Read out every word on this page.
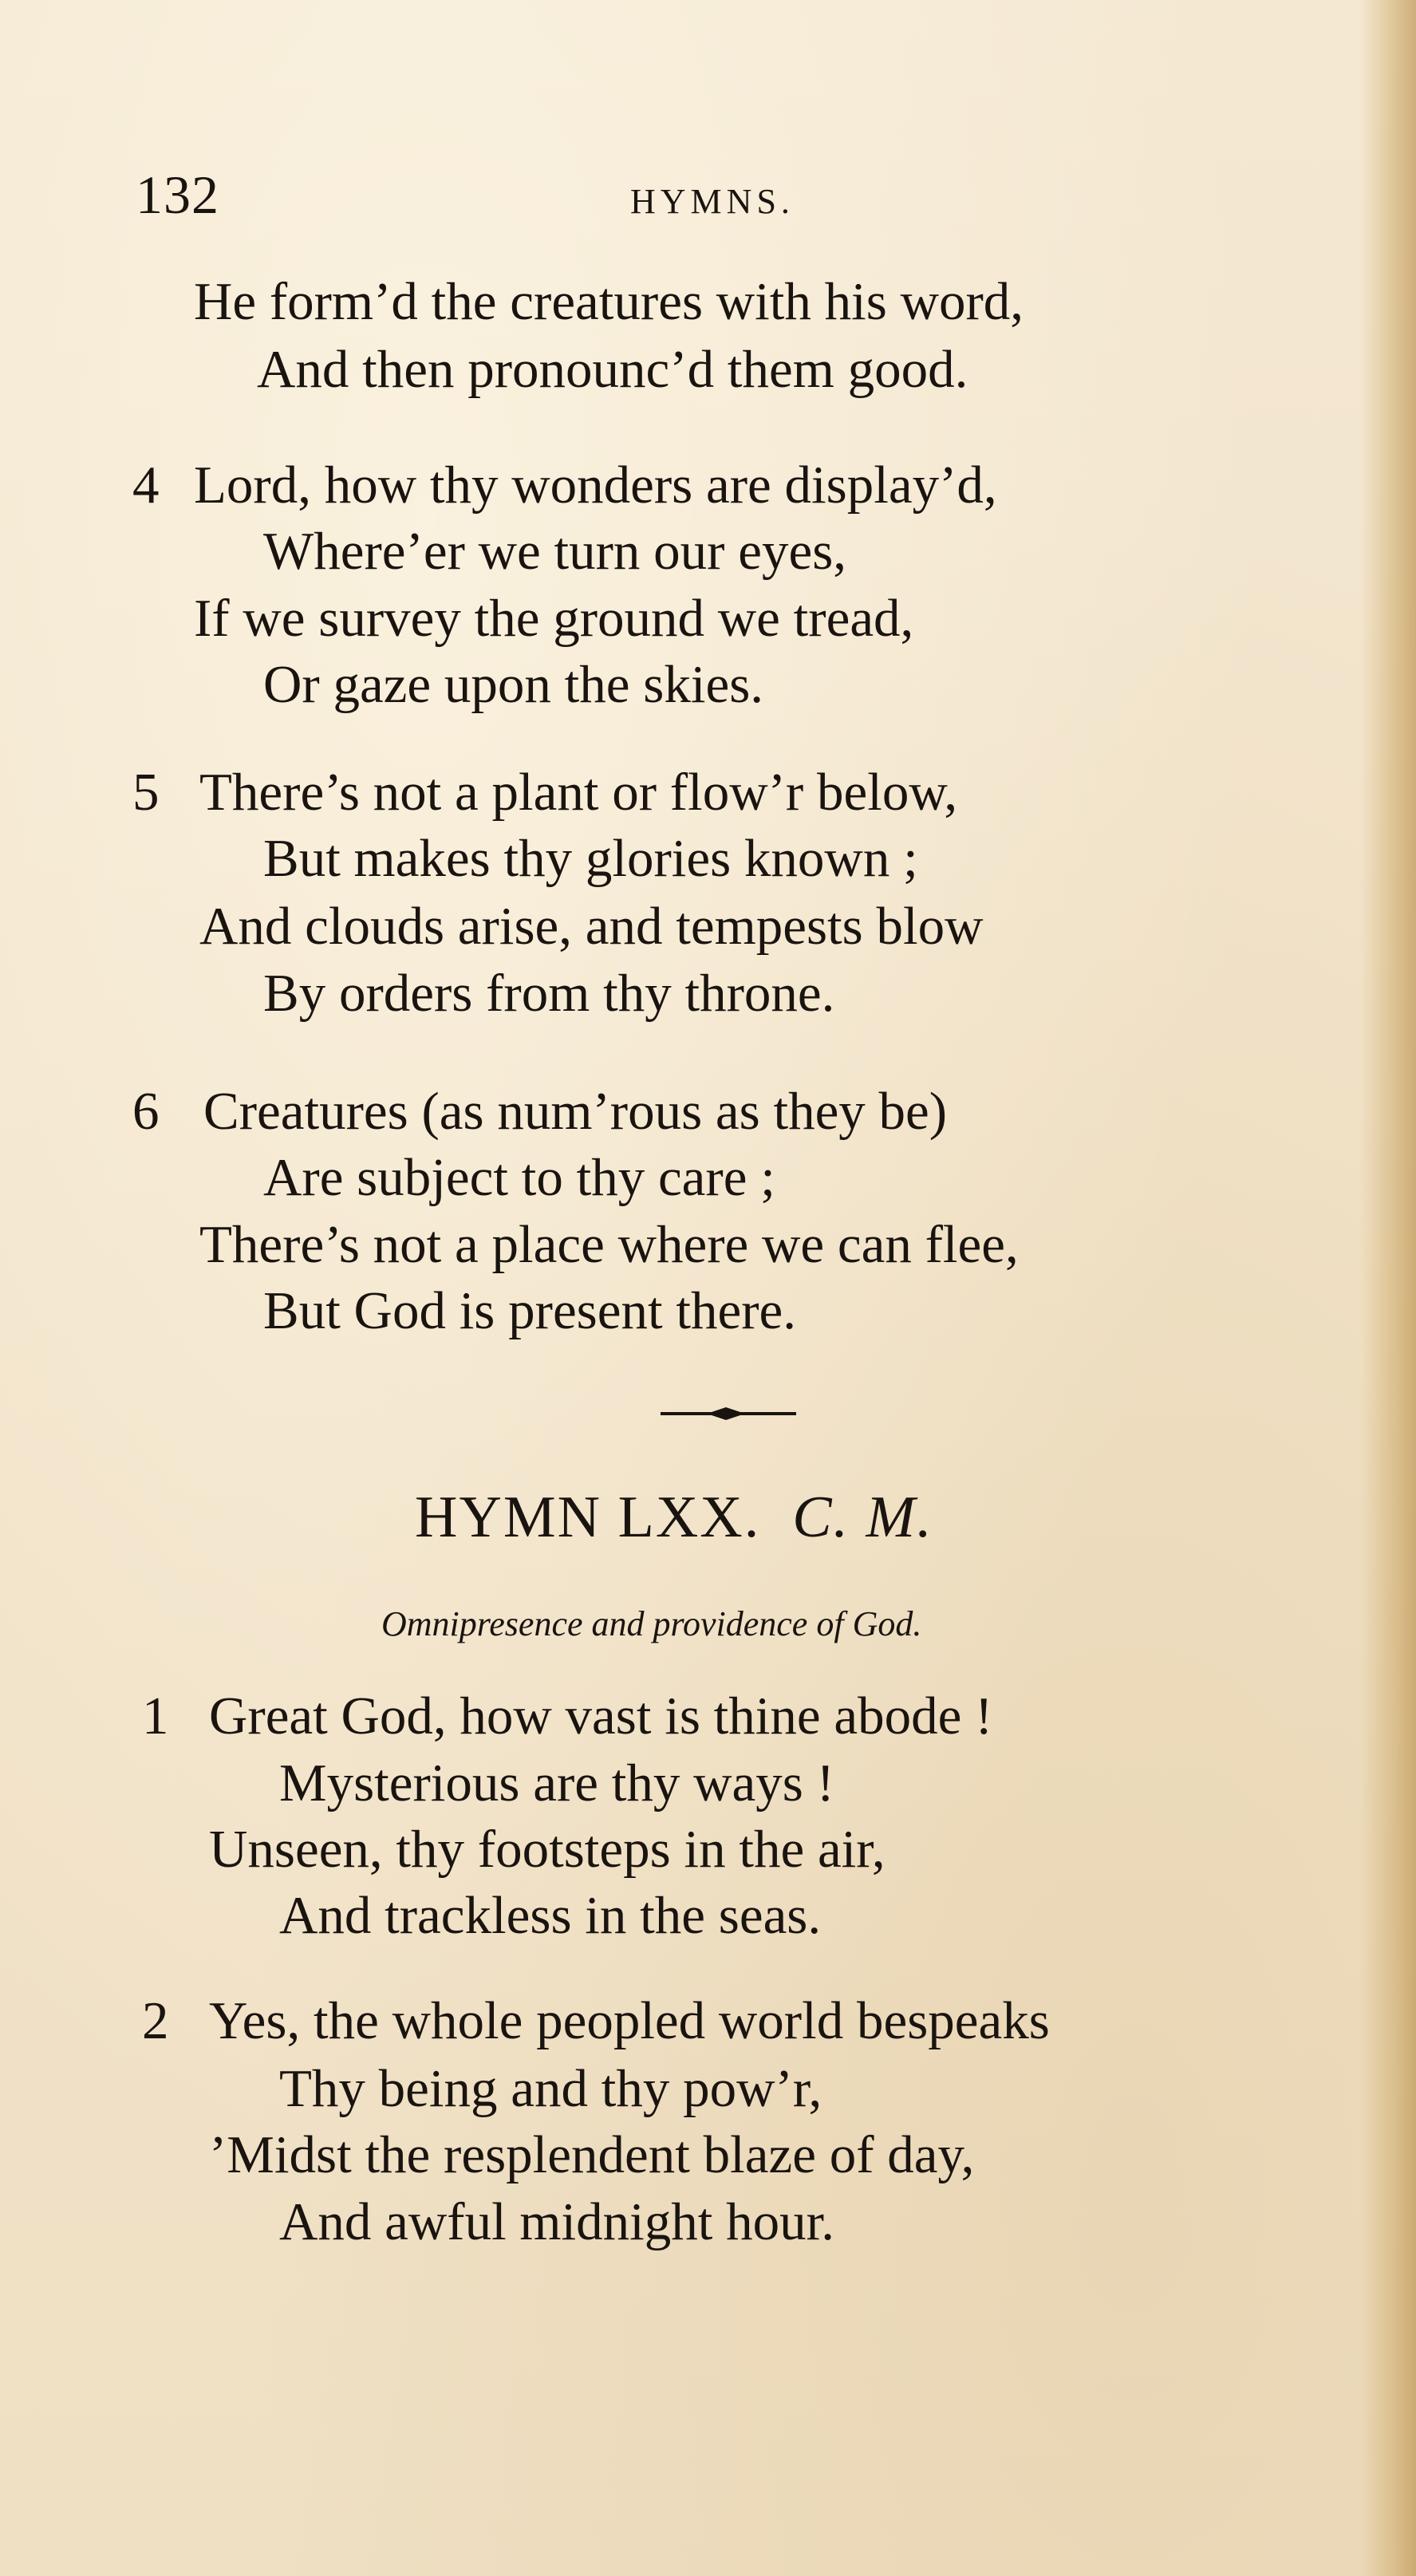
132	HYMNS.
He form’d the creatures with his word,
And then pronounc’d them good.
4 Lord, how thy wonders are display’d,
Where’er we turn our eyes,
If we survey the ground we tread,
Or gaze upon the skies.
5 There’s not a plant or flow’r below,
But makes thy glories known ;
And clouds arise, and tempests blow
By orders from thy throne.
6 Creatures (as num’rous as they be)
Are subject to thy care ;
There’s not a place where we can flee,
But God is present there.
HYMN LXX. C. M.
Omnipresence and providence of God.
1 Great God, how vast is thine abode !
Mysterious are thy ways !
Unseen, thy footsteps in the air,
And trackless in the seas.
2 Yes, the whole peopled world bespeaks
Thy being and thy pow’r,
’Midst the resplendent blaze of day,
And awful midnight hour.
